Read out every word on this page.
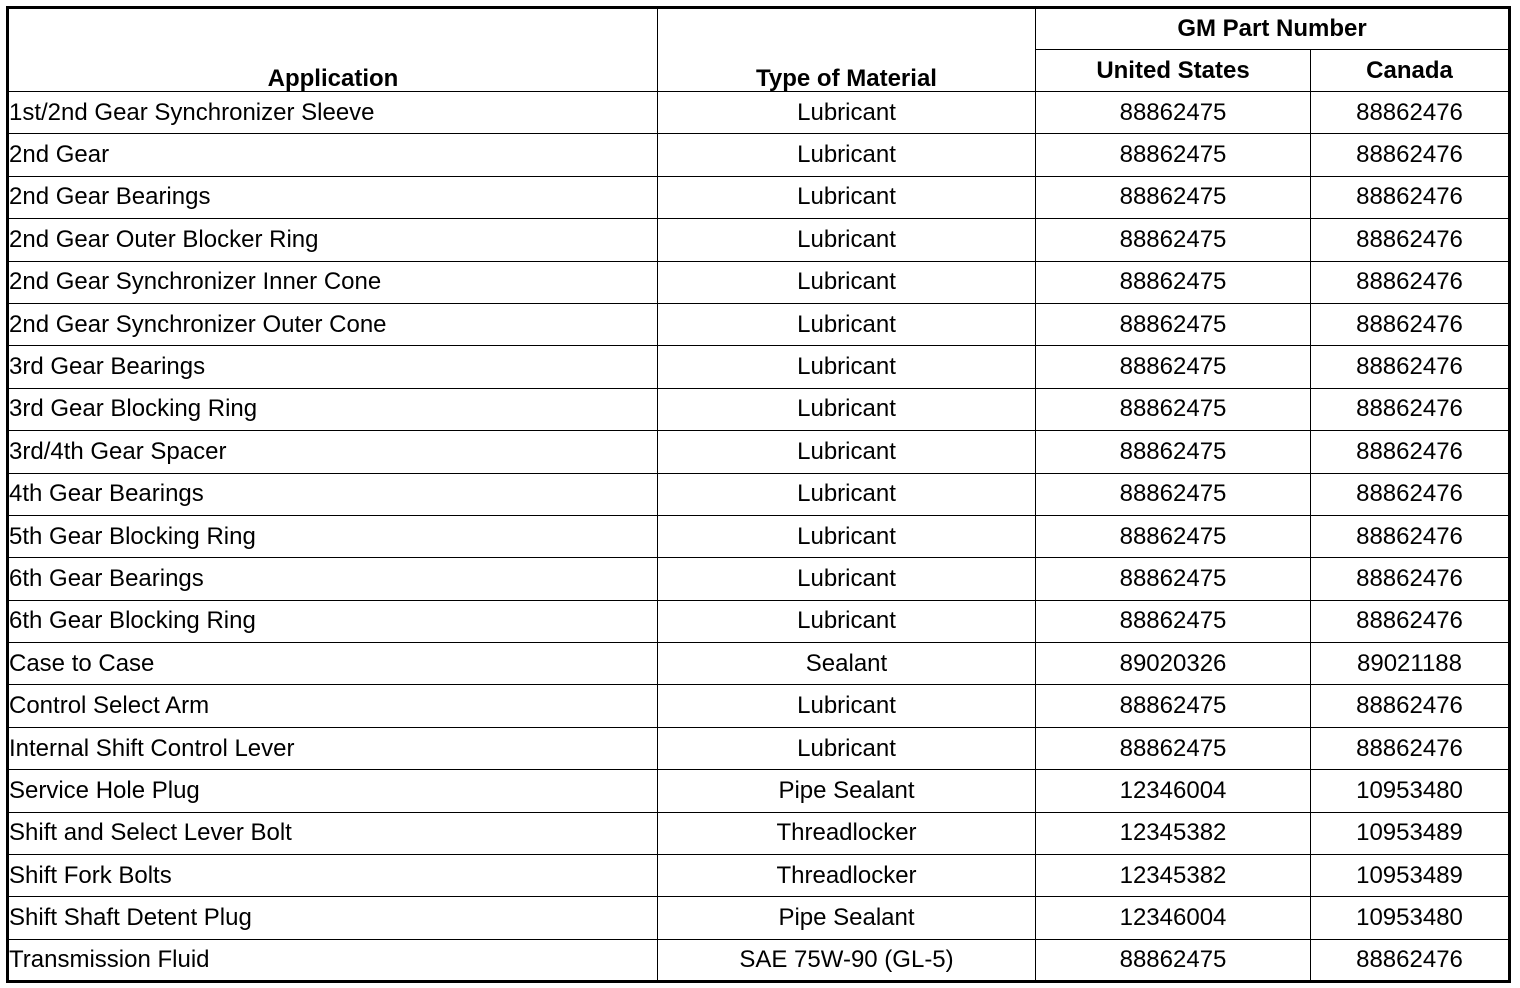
Application	Type of Material	GM Part Number	
		United States	Canada
1st/2nd Gear Synchronizer Sleeve	Lubricant	88862475	88862476
2nd Gear	Lubricant	88862475	88862476
2nd Gear Bearings	Lubricant	88862475	88862476
2nd Gear Outer Blocker Ring	Lubricant	88862475	88862476
2nd Gear Synchronizer Inner Cone	Lubricant	88862475	88862476
2nd Gear Synchronizer Outer Cone	Lubricant	88862475	88862476
3rd Gear Bearings	Lubricant	88862475	88862476
3rd Gear Blocking Ring	Lubricant	88862475	88862476
3rd/4th Gear Spacer	Lubricant	88862475	88862476
4th Gear Bearings	Lubricant	88862475	88862476
5th Gear Blocking Ring	Lubricant	88862475	88862476
6th Gear Bearings	Lubricant	88862475	88862476
6th Gear Blocking Ring	Lubricant	88862475	88862476
Case to Case	Sealant	89020326	89021188
Control Select Arm	Lubricant	88862475	88862476
Internal Shift Control Lever	Lubricant	88862475	88862476
Service Hole Plug	Pipe Sealant	12346004	10953480
Shift and Select Lever Bolt	Threadlocker	12345382	10953489
Shift Fork Bolts	Threadlocker	12345382	10953489
Shift Shaft Detent Plug	Pipe Sealant	12346004	10953480
Transmission Fluid	SAE 75W-90 (GL-5)	88862475	88862476
